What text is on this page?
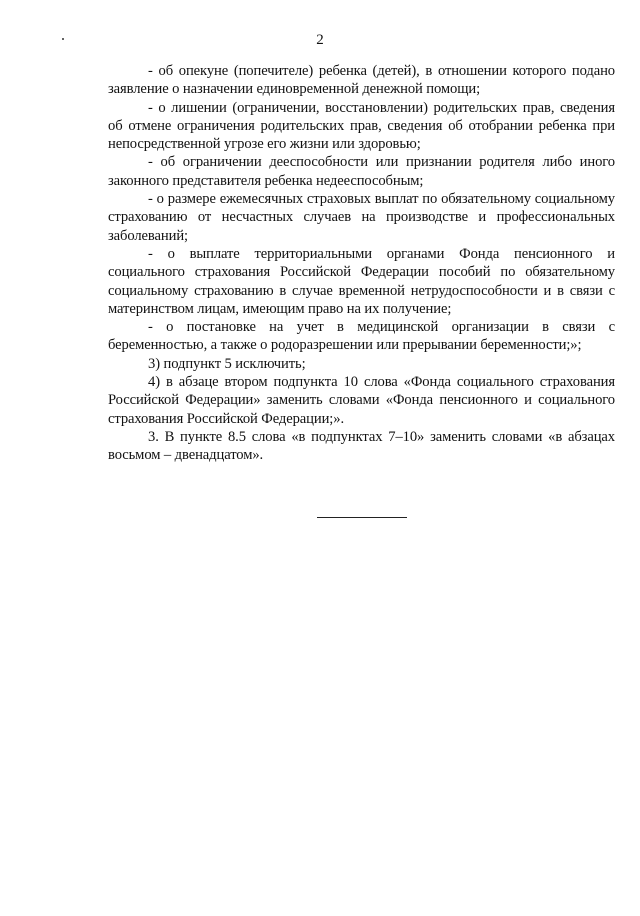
2

- об опекуне (попечителе) ребенка (детей), в отношении которого подано заявление о назначении единовременной денежной помощи;

- о лишении (ограничении, восстановлении) родительских прав, сведения об отмене ограничения родительских прав, сведения об отобрании ребенка при непосредственной угрозе его жизни или здоровью;

- об ограничении дееспособности или признании родителя либо иного законного представителя ребенка недееспособным;

- о размере ежемесячных страховых выплат по обязательному социальному страхованию от несчастных случаев на производстве и профессиональных заболеваний;

- о выплате территориальными органами Фонда пенсионного и социального страхования Российской Федерации пособий по обязательному социальному страхованию в случае временной нетрудоспособности и в связи с материнством лицам, имеющим право на их получение;

- о постановке на учет в медицинской организации в связи с беременностью, а также о родоразрешении или прерывании беременности;»;

3) подпункт 5 исключить;

4) в абзаце втором подпункта 10 слова «Фонда социального страхования Российской Федерации» заменить словами «Фонда пенсионного и социального страхования Российской Федерации;».

3. В пункте 8.5 слова «в подпунктах 7–10» заменить словами «в абзацах восьмом – двенадцатом».
